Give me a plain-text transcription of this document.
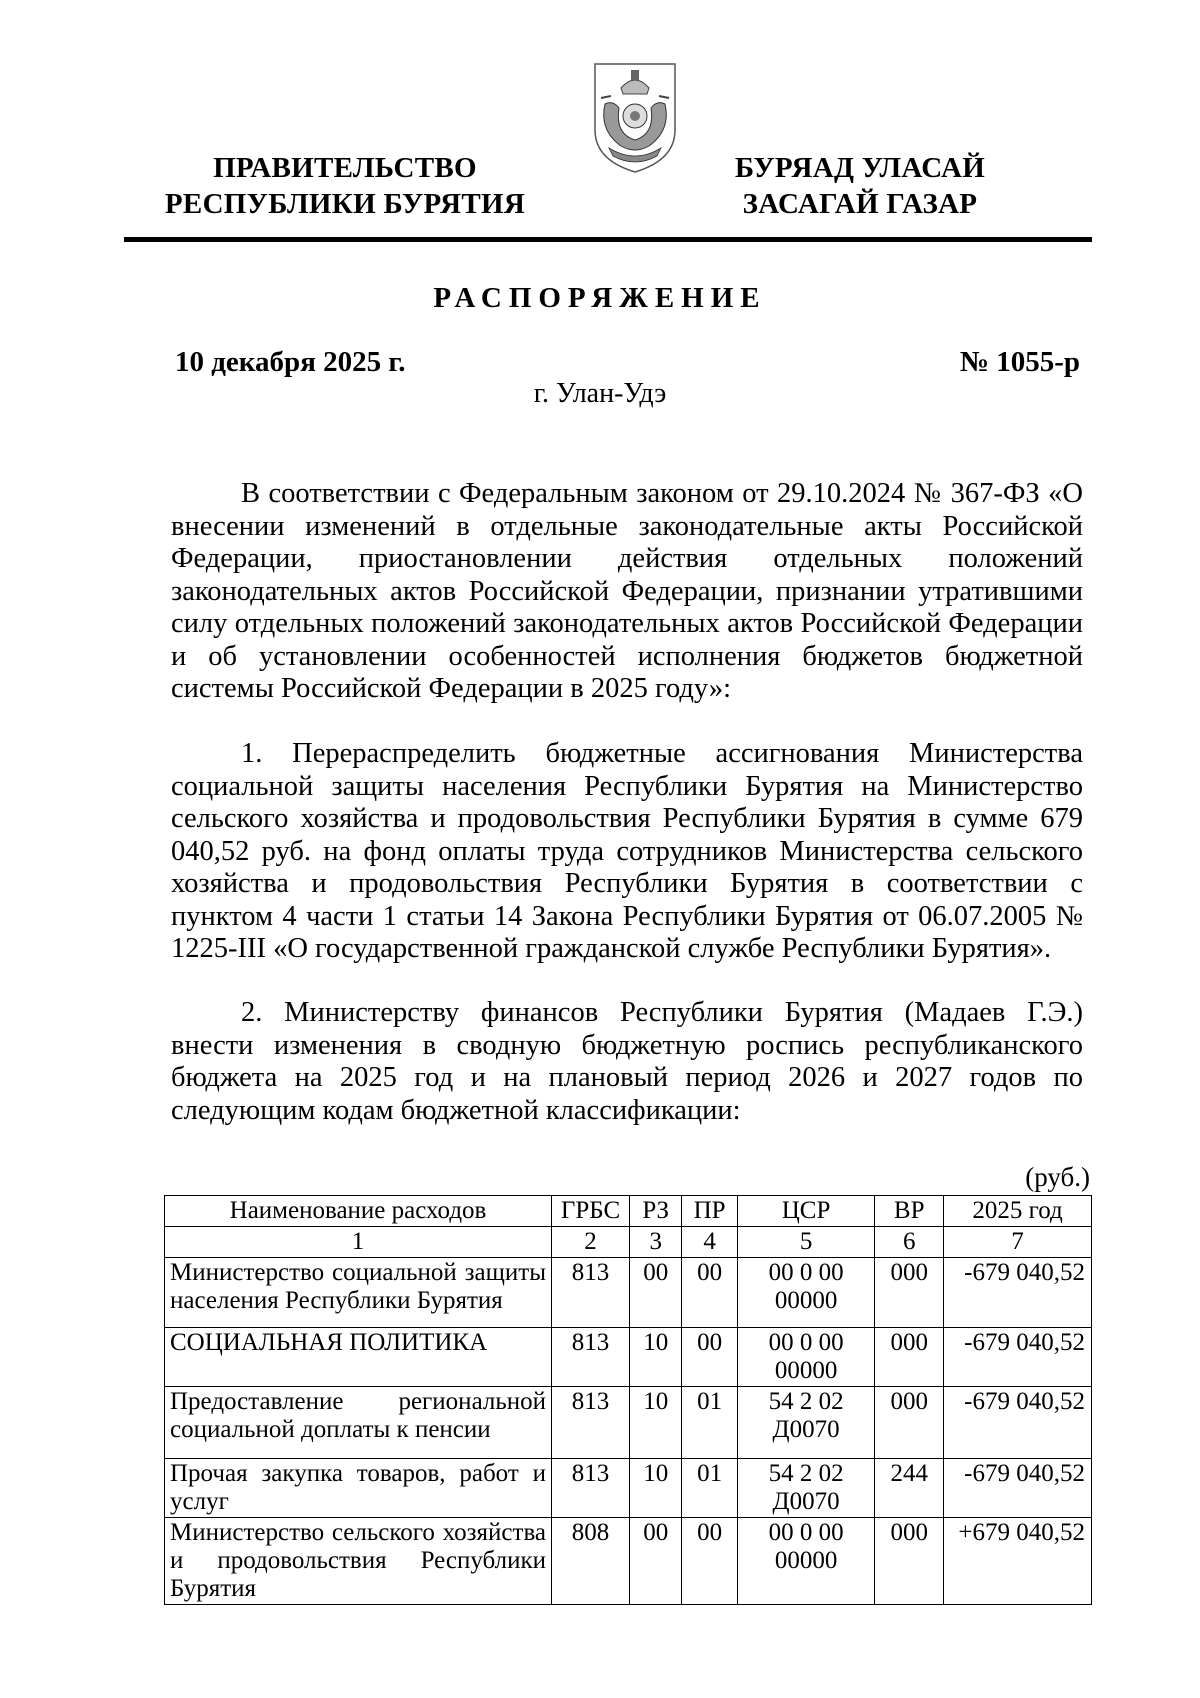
ПРАВИТЕЛЬСТВО
РЕСПУБЛИКИ БУРЯТИЯ
БУРЯАД УЛАСАЙ
ЗАСАГАЙ ГАЗАР
РАСПОРЯЖЕНИЕ
10 декабря 2025 г.	№ 1055-р
г. Улан-Удэ

В соответствии с Федеральным законом от 29.10.2024 № 367-ФЗ «О внесении изменений в отдельные законодательные акты Российской Федерации, приостановлении действия отдельных положений законодательных актов Российской Федерации, признании утратившими силу отдельных положений законодательных актов Российской Федерации и об установлении особенностей исполнения бюджетов бюджетной системы Российской Федерации в 2025 году»:

1. Перераспределить бюджетные ассигнования Министерства социальной защиты населения Республики Бурятия на Министерство сельского хозяйства и продовольствия Республики Бурятия в сумме 679 040,52 руб. на фонд оплаты труда сотрудников Министерства сельского хозяйства и продовольствия Республики Бурятия в соответствии с пунктом 4 части 1 статьи 14 Закона Республики Бурятия от 06.07.2005 № 1225-III «О государственной гражданской службе Республики Бурятия».

2. Министерству финансов Республики Бурятия (Мадаев Г.Э.) внести изменения в сводную бюджетную роспись республиканского бюджета на 2025 год и на плановый период 2026 и 2027 годов по следующим кодам бюджетной классификации:

(руб.)
Наименование расходов	ГРБС	РЗ	ПР	ЦСР	ВР	2025 год
1	2	3	4	5	6	7
Министерство социальной защиты населения Республики Бурятия	813	00	00	00 0 00 00000	000	-679 040,52
СОЦИАЛЬНАЯ ПОЛИТИКА	813	10	00	00 0 00 00000	000	-679 040,52
Предоставление региональной социальной доплаты к пенсии	813	10	01	54 2 02 Д0070	000	-679 040,52
Прочая закупка товаров, работ и услуг	813	10	01	54 2 02 Д0070	244	-679 040,52
Министерство сельского хозяйства и продовольствия Республики Бурятия	808	00	00	00 0 00 00000	000	+679 040,52
